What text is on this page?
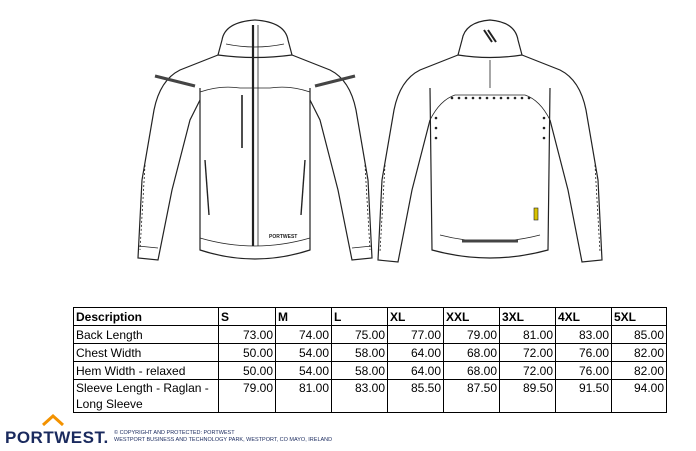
PORTWEST
Description	S	M	L	XL	XXL	3XL	4XL	5XL
Back Length	73.00	74.00	75.00	77.00	79.00	81.00	83.00	85.00
Chest Width	50.00	54.00	58.00	64.00	68.00	72.00	76.00	82.00
Hem Width - relaxed	50.00	54.00	58.00	64.00	68.00	72.00	76.00	82.00
Sleeve Length - Raglan - Long Sleeve	79.00	81.00	83.00	85.50	87.50	89.50	91.50	94.00
PORTWEST. © COPYRIGHT AND PROTECTED: PORTWEST
WESTPORT BUSINESS AND TECHNOLOGY PARK, WESTPORT, CO MAYO, IRELAND
